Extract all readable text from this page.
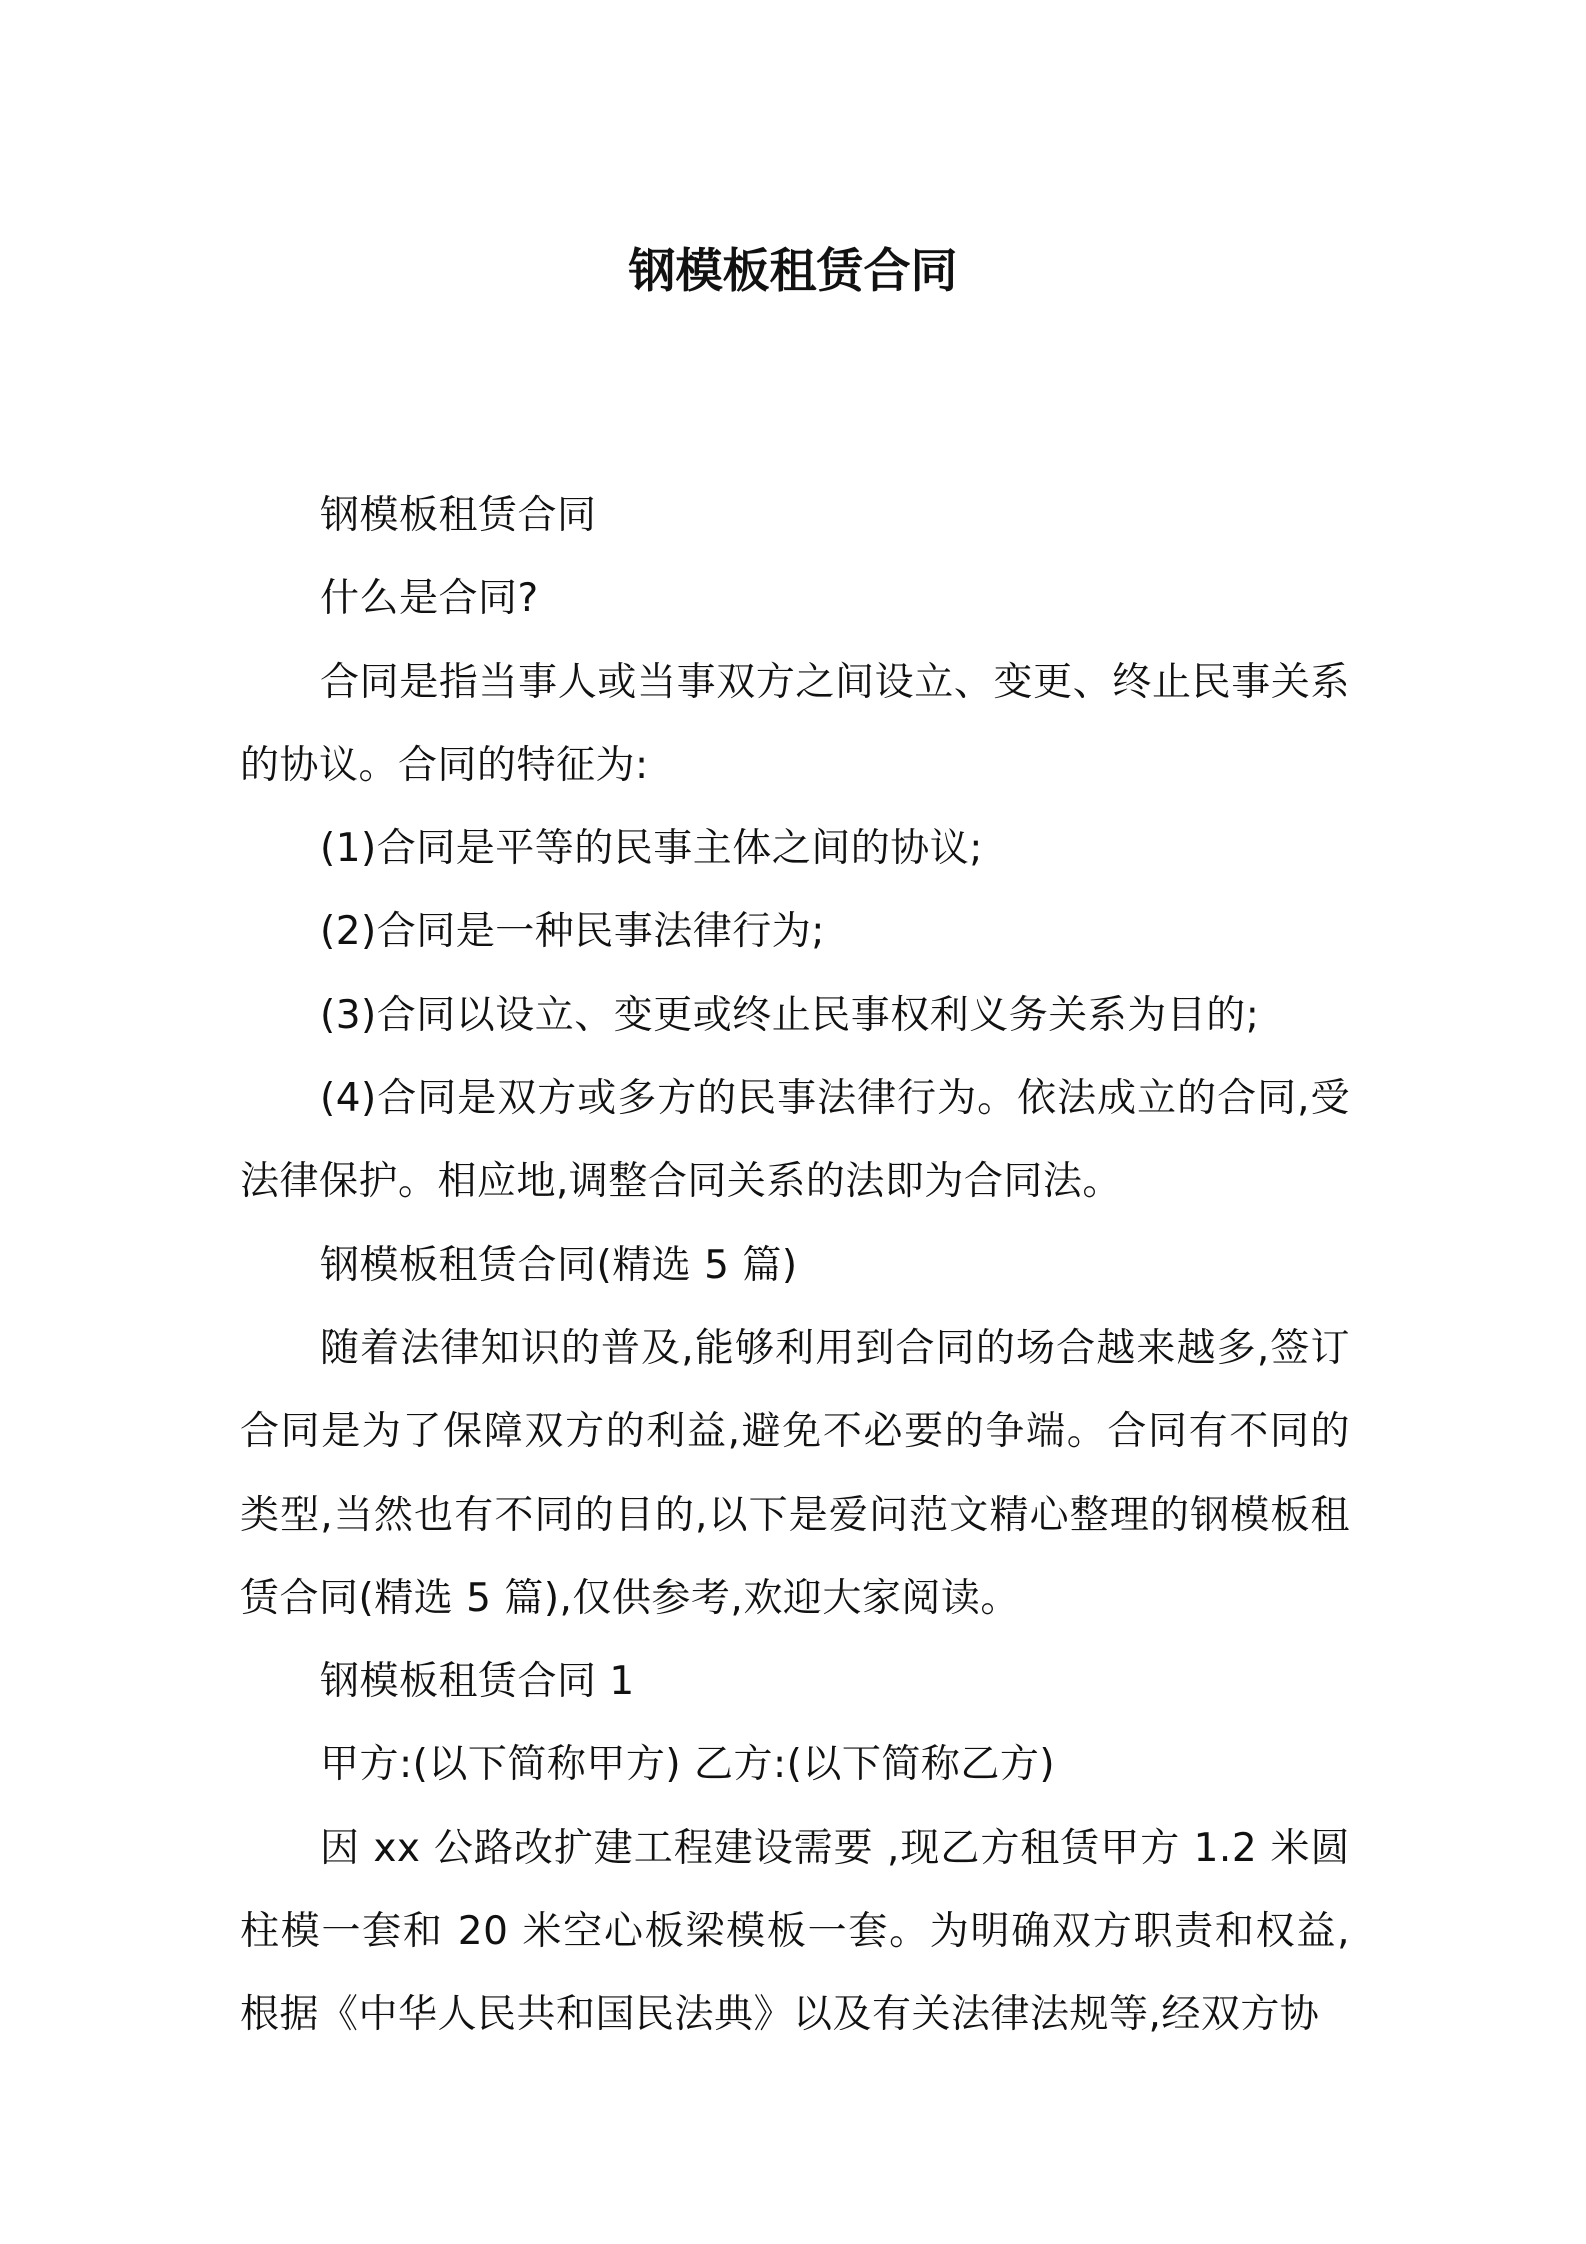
钢模板租赁合同

钢模板租赁合同

什么是合同?

合同是指当事人或当事双方之间设立、变更、终止民事关系的协议。合同的特征为:

(1)合同是平等的民事主体之间的协议;

(2)合同是一种民事法律行为;

(3)合同以设立、变更或终止民事权利义务关系为目的;

(4)合同是双方或多方的民事法律行为。依法成立的合同,受法律保护。相应地,调整合同关系的法即为合同法。

钢模板租赁合同(精选 5 篇)

随着法律知识的普及,能够利用到合同的场合越来越多,签订合同是为了保障双方的利益,避免不必要的争端。合同有不同的类型,当然也有不同的目的,以下是爱问范文精心整理的钢模板租赁合同(精选 5 篇),仅供参考,欢迎大家阅读。

钢模板租赁合同 1

甲方:(以下简称甲方) 乙方:(以下简称乙方)

因 xx 公路改扩建工程建设需要 ,现乙方租赁甲方 1.2 米圆柱模一套和 20 米空心板梁模板一套。为明确双方职责和权益,根据《中华人民共和国民法典》以及有关法律法规等,经双方协
